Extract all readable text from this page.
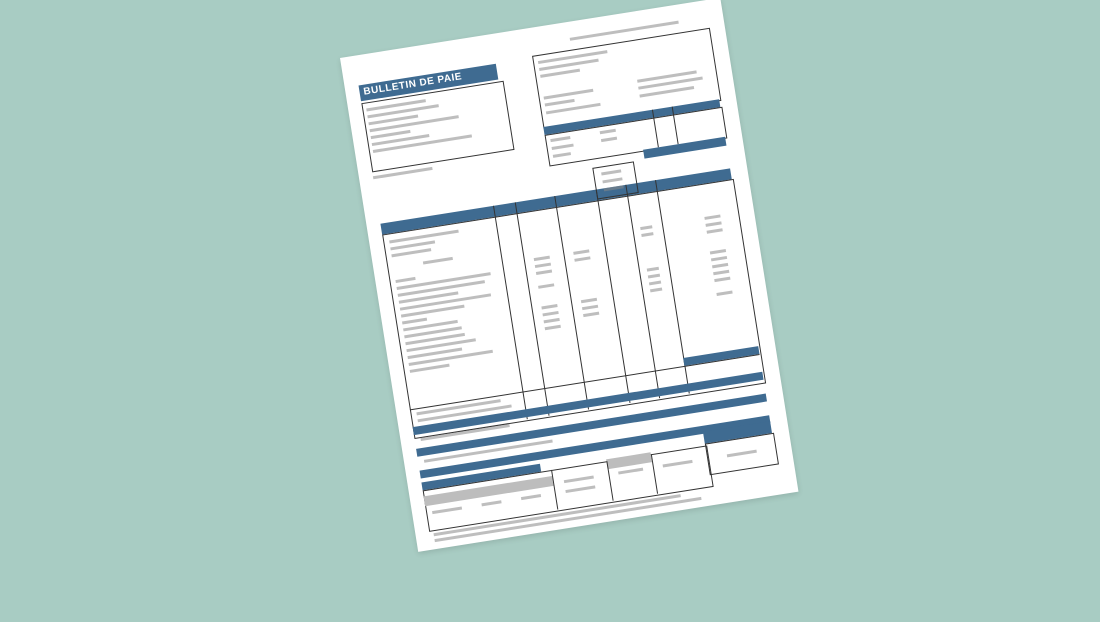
BULLETIN DE PAIE
